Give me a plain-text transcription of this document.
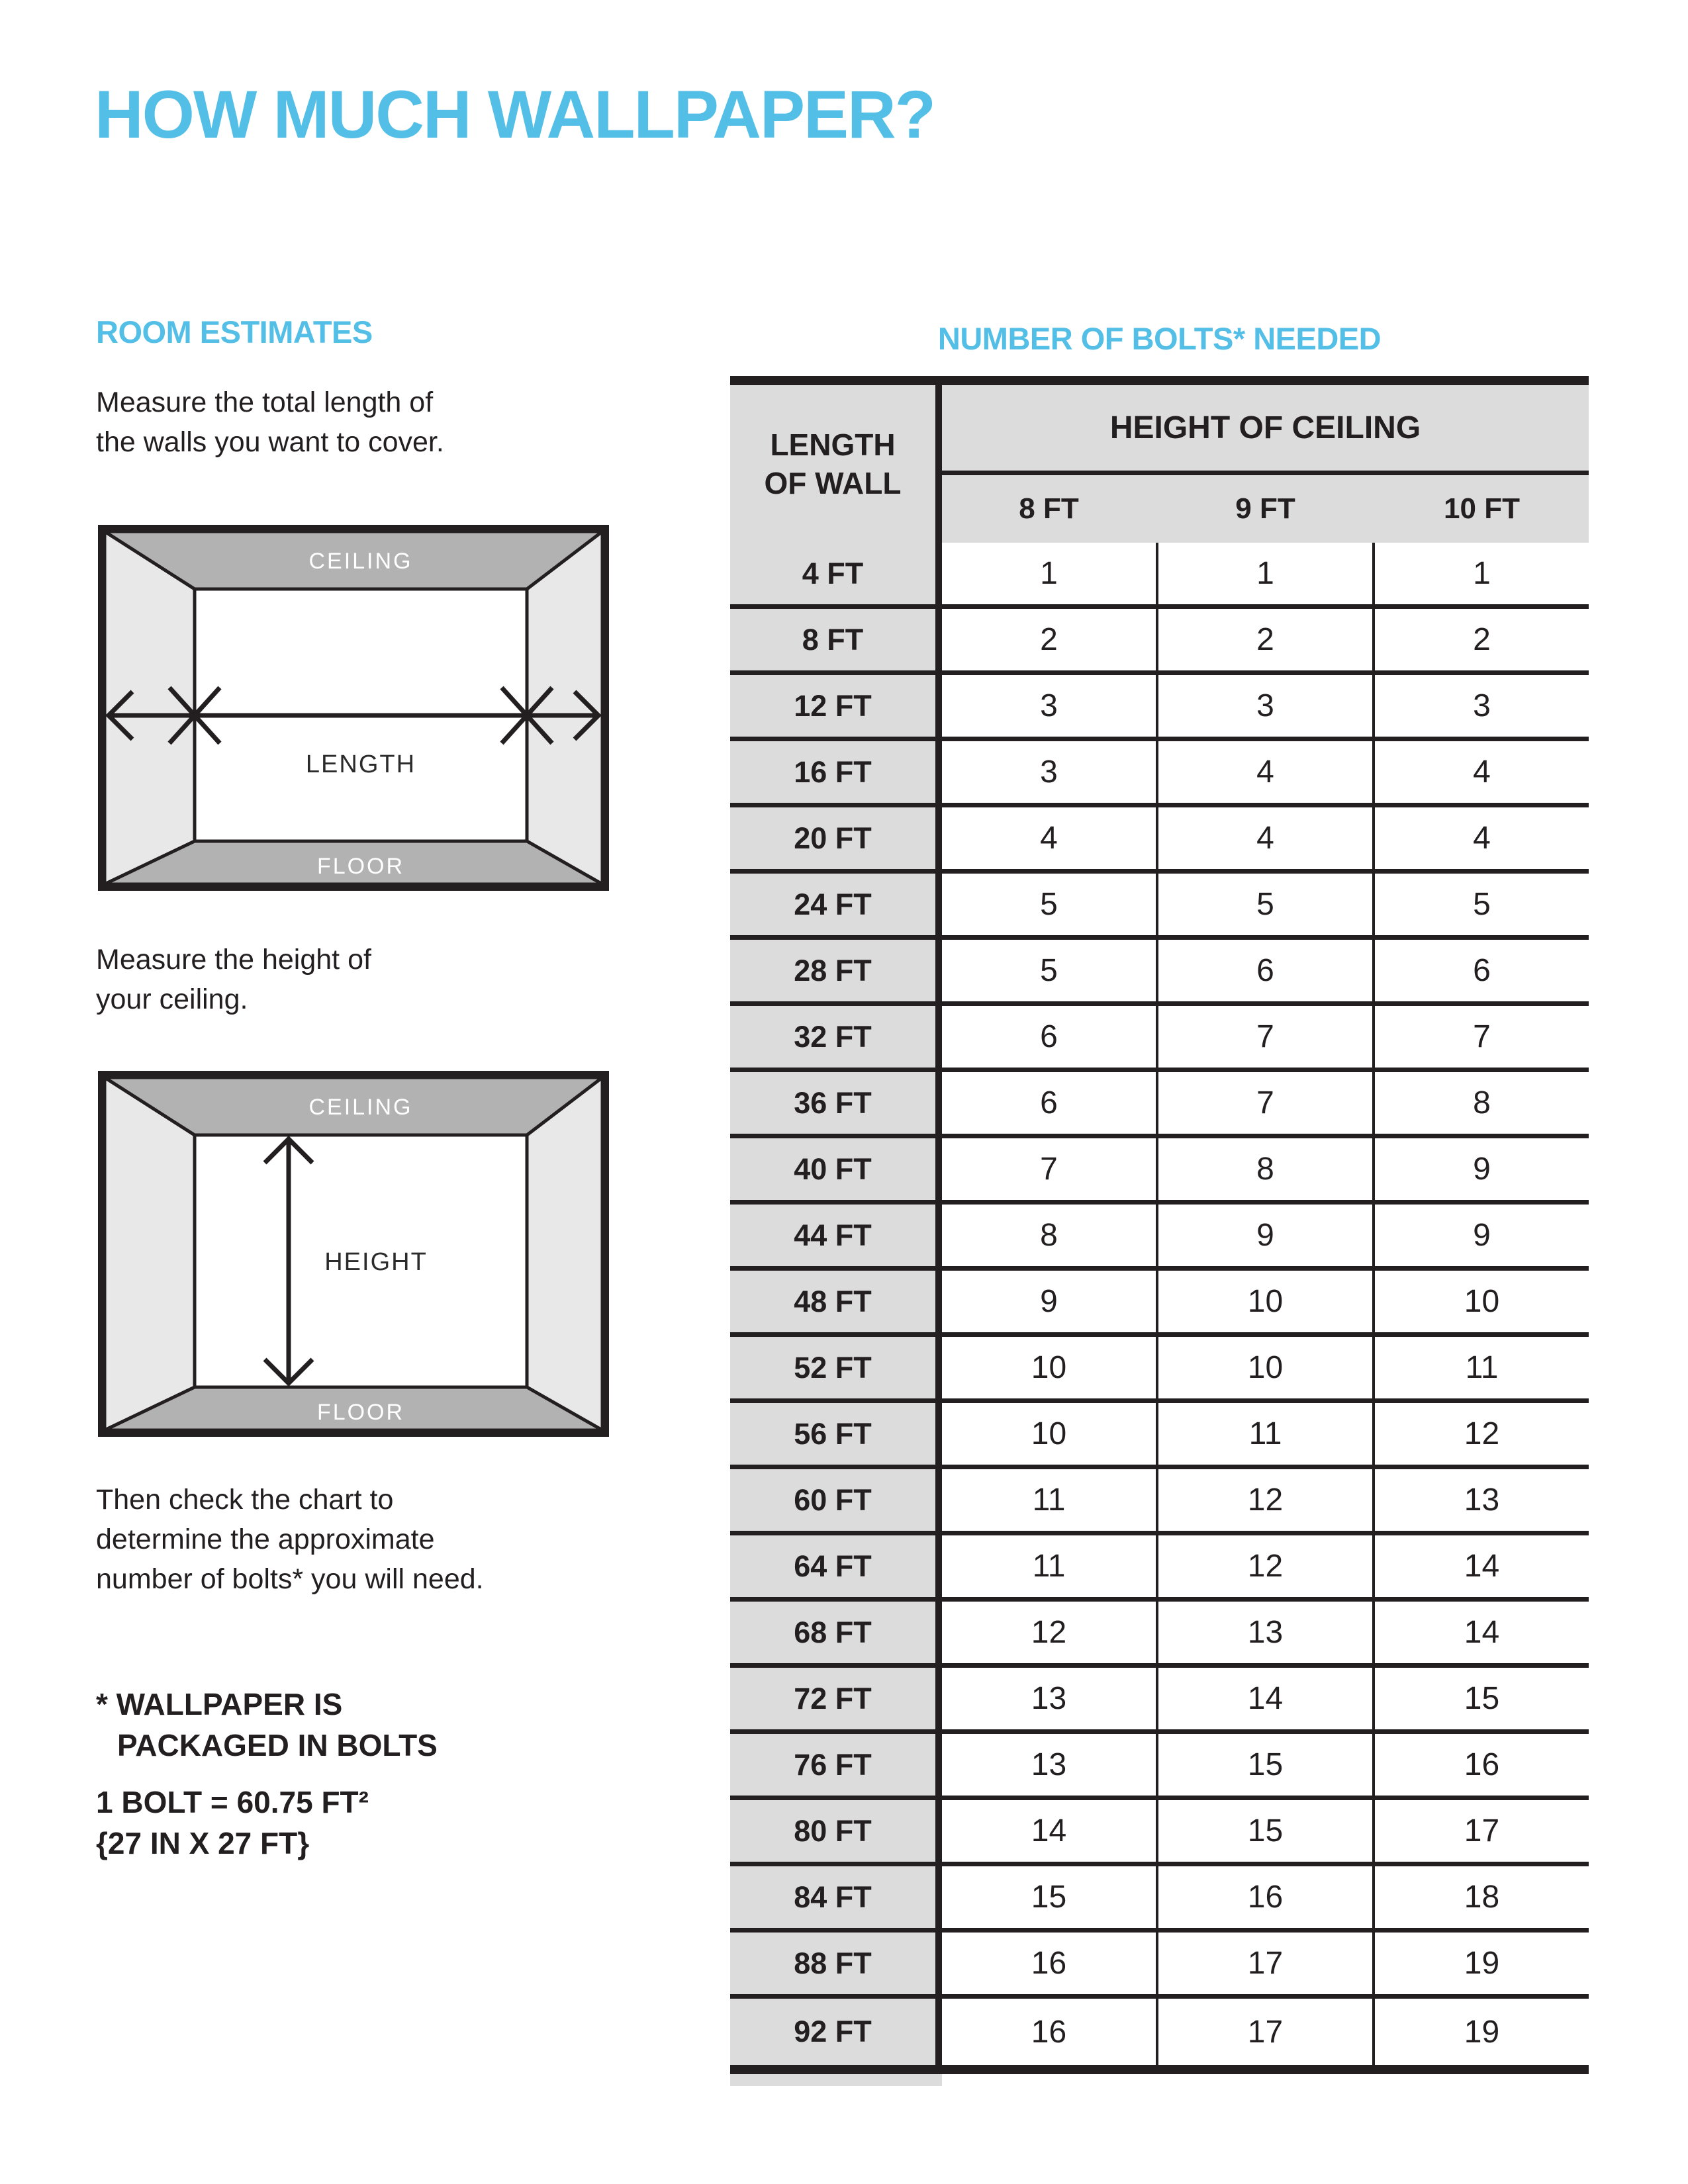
HOW MUCH WALLPAPER?
ROOM ESTIMATES
Measure the total length of
the walls you want to cover.
CEILING
FLOOR
LENGTH
Measure the height of
your ceiling.
CEILING
FLOOR
HEIGHT
Then check the chart to
determine the approximate
number of bolts* you will need.
* WALLPAPER IS
PACKAGED IN BOLTS
1 BOLT = 60.75 FT²
{27 IN X 27 FT}
NUMBER OF BOLTS* NEEDED
LENGTH
OF WALL
HEIGHT OF CEILING
8 FT	9 FT	10 FT
4 FT	1	1	1
8 FT	2	2	2
12 FT	3	3	3
16 FT	3	4	4
20 FT	4	4	4
24 FT	5	5	5
28 FT	5	6	6
32 FT	6	7	7
36 FT	6	7	8
40 FT	7	8	9
44 FT	8	9	9
48 FT	9	10	10
52 FT	10	10	11
56 FT	10	11	12
60 FT	11	12	13
64 FT	11	12	14
68 FT	12	13	14
72 FT	13	14	15
76 FT	13	15	16
80 FT	14	15	17
84 FT	15	16	18
88 FT	16	17	19
92 FT	16	17	19
